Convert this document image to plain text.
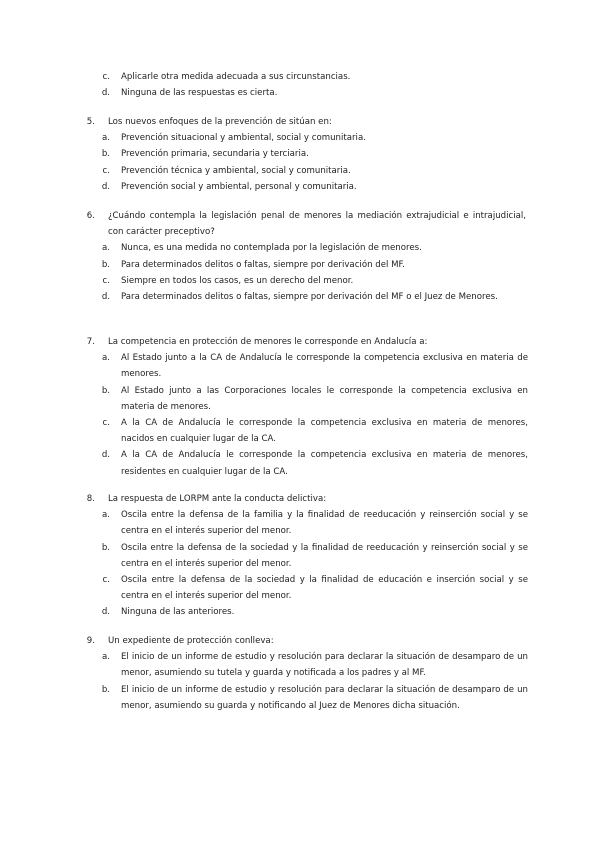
c.	Aplicarle otra medida adecuada a sus circunstancias.
d.	Ninguna de las respuestas es cierta.
5.	Los nuevos enfoques de la prevención de sitúan en:
a.	Prevención situacional y ambiental, social y comunitaria.
b.	Prevención primaria, secundaria y terciaria.
c.	Prevención técnica y ambiental, social y comunitaria.
d.	Prevención social y ambiental, personal y comunitaria.
6.	¿Cuándo contempla la legislación penal de menores la mediación extrajudicial e intrajudicial, con carácter preceptivo?
a.	Nunca, es una medida no contemplada por la legislación de menores.
b.	Para determinados delitos o faltas, siempre por derivación del MF.
c.	Siempre en todos los casos, es un derecho del menor.
d.	Para determinados delitos o faltas, siempre por derivación del MF o el Juez de Menores.
7.	La competencia en protección de menores le corresponde en Andalucía a:
a.	Al Estado junto a la CA de Andalucía le corresponde la competencia exclusiva en materia de menores.
b.	Al Estado junto a las Corporaciones locales le corresponde la competencia exclusiva en materia de menores.
c.	A la CA de Andalucía le corresponde la competencia exclusiva en materia de menores, nacidos en cualquier lugar de la CA.
d.	A la CA de Andalucía le corresponde la competencia exclusiva en materia de menores, residentes en cualquier lugar de la CA.
8.	La respuesta de LORPM ante la conducta delictiva:
a.	Oscila entre la defensa de la familia y la finalidad de reeducación y reinserción social y se centra en el interés superior del menor.
b.	Oscila entre la defensa de la sociedad y la finalidad de reeducación y reinserción social y se centra en el interés superior del menor.
c.	Oscila entre la defensa de la sociedad y la finalidad de educación e inserción social y se centra en el interés superior del menor.
d.	Ninguna de las anteriores.
9.	Un expediente de protección conlleva:
a.	El inicio de un informe de estudio y resolución para declarar la situación de desamparo de un menor, asumiendo su tutela y guarda y notificada a los padres y al MF.
b.	El inicio de un informe de estudio y resolución para declarar la situación de desamparo de un menor, asumiendo su guarda y notificando al Juez de Menores dicha situación.
